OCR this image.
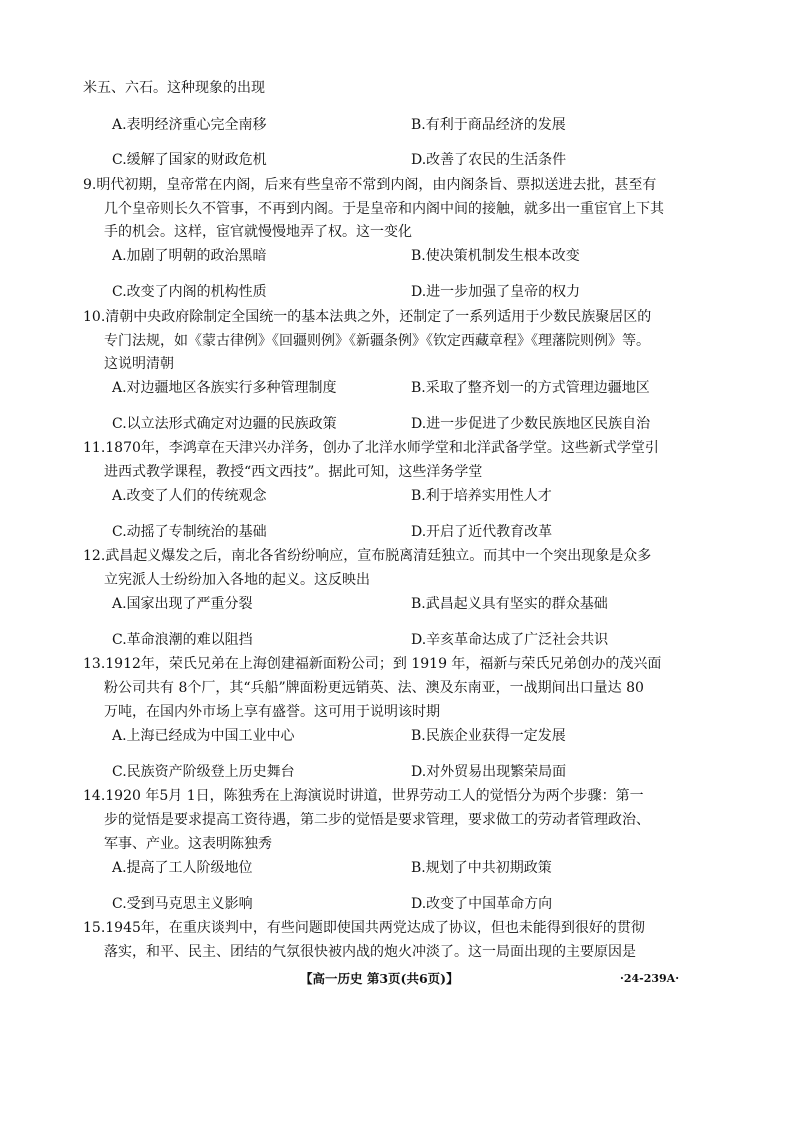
米五、六石。这种现象的出现
A.表明经济重心完全南移	B.有利于商品经济的发展
C.缓解了国家的财政危机	D.改善了农民的生活条件
9.明代初期，皇帝常在内阁，后来有些皇帝不常到内阁，由内阁条旨、票拟送进去批，甚至有
几个皇帝则长久不管事，不再到内阁。于是皇帝和内阁中间的接触，就多出一重宦官上下其
手的机会。这样，宦官就慢慢地弄了权。这一变化
A.加剧了明朝的政治黑暗	B.使决策机制发生根本改变
C.改变了内阁的机构性质	D.进一步加强了皇帝的权力
10.清朝中央政府除制定全国统一的基本法典之外，还制定了一系列适用于少数民族聚居区的
专门法规，如《蒙古律例》《回疆则例》《新疆条例》《钦定西藏章程》《理藩院则例》等。
这说明清朝
A.对边疆地区各族实行多种管理制度	B.采取了整齐划一的方式管理边疆地区
C.以立法形式确定对边疆的民族政策	D.进一步促进了少数民族地区民族自治
11.1870年，李鸿章在天津兴办洋务，创办了北洋水师学堂和北洋武备学堂。这些新式学堂引
进西式教学课程，教授“西文西技”。据此可知，这些洋务学堂
A.改变了人们的传统观念	B.利于培养实用性人才
C.动摇了专制统治的基础	D.开启了近代教育改革
12.武昌起义爆发之后，南北各省纷纷响应，宣布脱离清廷独立。而其中一个突出现象是众多
立宪派人士纷纷加入各地的起义。这反映出
A.国家出现了严重分裂	B.武昌起义具有坚实的群众基础
C.革命浪潮的难以阻挡	D.辛亥革命达成了广泛社会共识
13.1912年，荣氏兄弟在上海创建福新面粉公司；到 1919 年，福新与荣氏兄弟创办的茂兴面
粉公司共有 8个厂，其“兵船”牌面粉更远销英、法、澳及东南亚，一战期间出口量达 80
万吨，在国内外市场上享有盛誉。这可用于说明该时期
A.上海已经成为中国工业中心	B.民族企业获得一定发展
C.民族资产阶级登上历史舞台	D.对外贸易出现繁荣局面
14.1920 年5月 1日，陈独秀在上海演说时讲道，世界劳动工人的觉悟分为两个步骤：第一
步的觉悟是要求提高工资待遇，第二步的觉悟是要求管理，要求做工的劳动者管理政治、
军事、产业。这表明陈独秀
A.提高了工人阶级地位	B.规划了中共初期政策
C.受到马克思主义影响	D.改变了中国革命方向
15.1945年，在重庆谈判中，有些问题即使国共两党达成了协议，但也未能得到很好的贯彻
落实，和平、民主、团结的气氛很快被内战的炮火冲淡了。这一局面出现的主要原因是
【高一历史 第3页(共6页)】	·24-239A·
